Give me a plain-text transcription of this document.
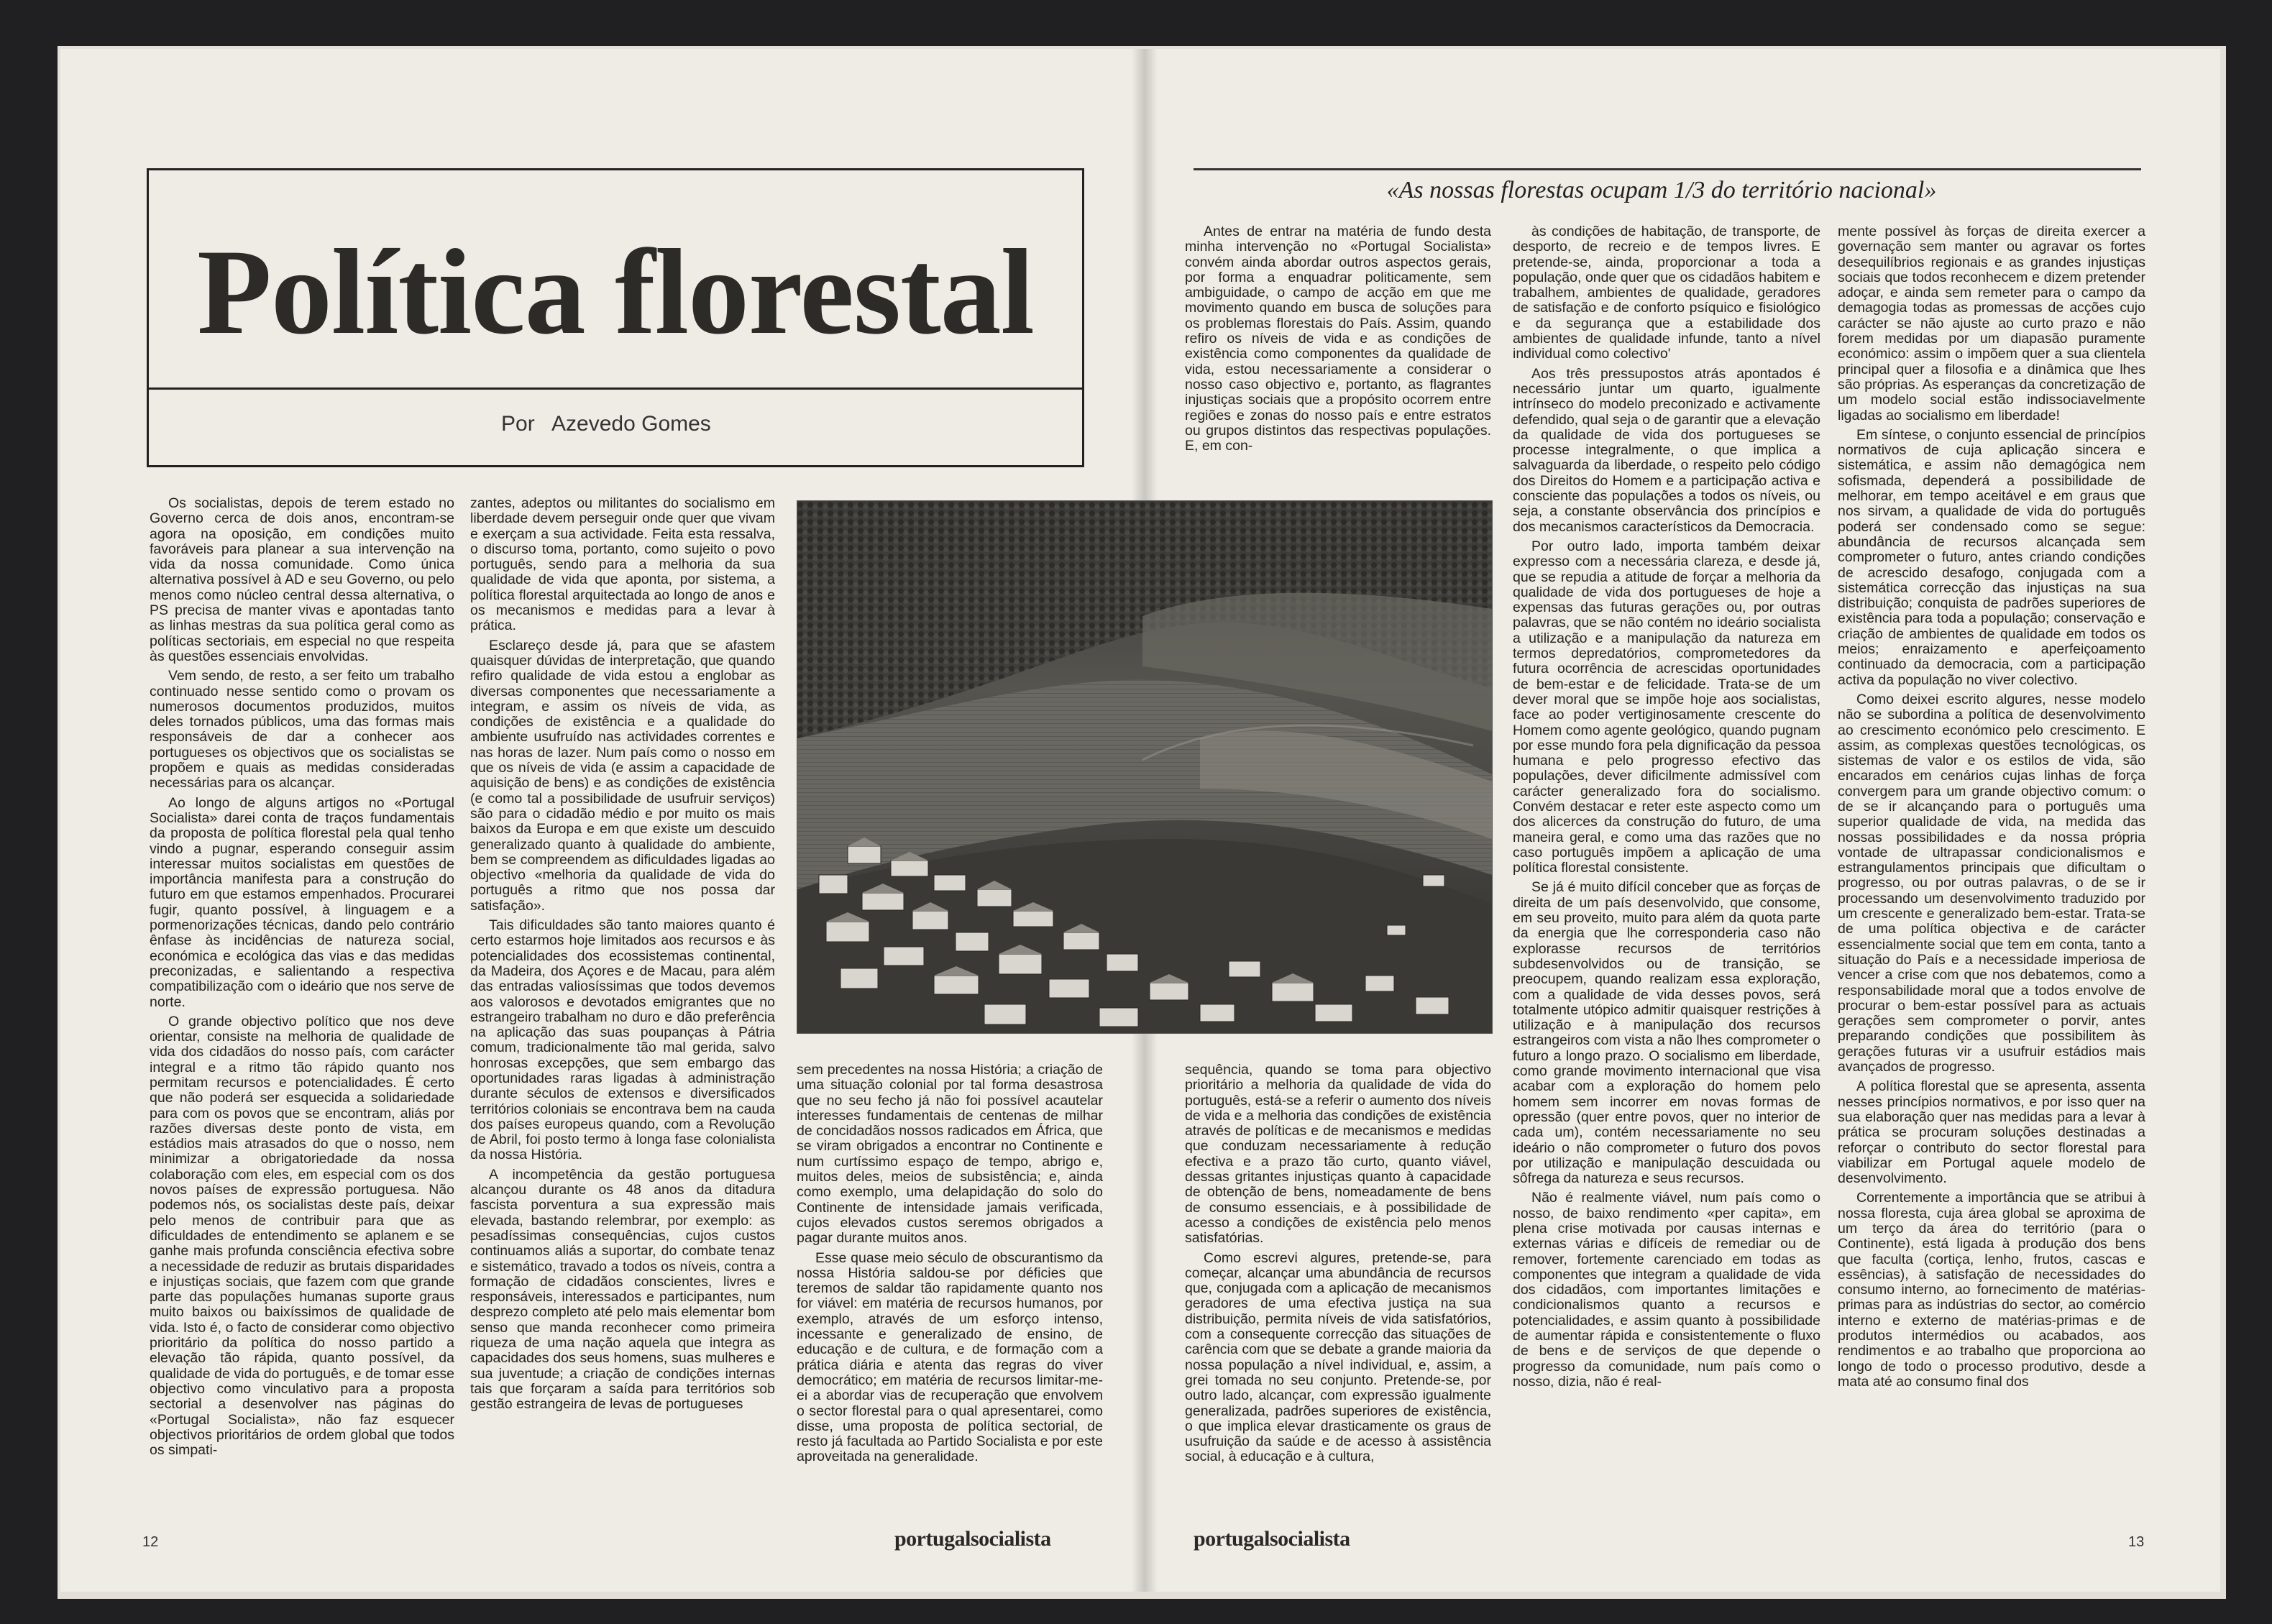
Política florestal
Por   Azevedo Gomes
«As nossas florestas ocupam 1/3 do território nacional»

Os socialistas, depois de terem estado no Governo cerca de dois anos, encontram-se agora na oposição, em condições muito favoráveis para planear a sua intervenção na vida da nossa comunidade. Como única alternativa possível à AD e seu Governo, ou pelo menos como núcleo central dessa alternativa, o PS precisa de manter vivas e apontadas tanto as linhas mestras da sua política geral como as políticas sectoriais, em especial no que respeita às questões essenciais envolvidas.

Vem sendo, de resto, a ser feito um trabalho continuado nesse sentido como o provam os numerosos documentos produzidos, muitos deles tornados públicos, uma das formas mais responsáveis de dar a conhecer aos portugueses os objectivos que os socialistas se propõem e quais as medidas consideradas necessárias para os alcançar.

Ao longo de alguns artigos no «Portugal Socialista» darei conta de traços fundamentais da proposta de política florestal pela qual tenho vindo a pugnar, esperando conseguir assim interessar muitos socialistas em questões de importância manifesta para a construção do futuro em que estamos empenhados. Procurarei fugir, quanto possível, à linguagem e a pormenorizações técnicas, dando pelo contrário ênfase às incidências de natureza social, económica e ecológica das vias e das medidas preconizadas, e salientando a respectiva compatibilização com o ideário que nos serve de norte.

O grande objectivo político que nos deve orientar, consiste na melhoria de qualidade de vida dos cidadãos do nosso país, com carácter integral e a ritmo tão rápido quanto nos permitam recursos e potencialidades. É certo que não poderá ser esquecida a solidariedade para com os povos que se encontram, aliás por razões diversas deste ponto de vista, em estádios mais atrasados do que o nosso, nem minimizar a obrigatoriedade da nossa colaboração com eles, em especial com os dos novos países de expressão portuguesa. Não podemos nós, os socialistas deste país, deixar pelo menos de contribuir para que as dificuldades de entendimento se aplanem e se ganhe mais profunda consciência efectiva sobre a necessidade de reduzir as brutais disparidades e injustiças sociais, que fazem com que grande parte das populações humanas suporte graus muito baixos ou baixíssimos de qualidade de vida. Isto é, o facto de considerar como objectivo prioritário da política do nosso partido a elevação tão rápida, quanto possível, da qualidade de vida do português, e de tomar esse objectivo como vinculativo para a proposta sectorial a desenvolver nas páginas do «Portugal Socialista», não faz esquecer objectivos prioritários de ordem global que todos os simpati-

zantes, adeptos ou militantes do socialismo em liberdade devem perseguir onde quer que vivam e exerçam a sua actividade. Feita esta ressalva, o discurso toma, portanto, como sujeito o povo português, sendo para a melhoria da sua qualidade de vida que aponta, por sistema, a política florestal arquitectada ao longo de anos e os mecanismos e medidas para a levar à prática.

Esclareço desde já, para que se afastem quaisquer dúvidas de interpretação, que quando refiro qualidade de vida estou a englobar as diversas componentes que necessariamente a integram, e assim os níveis de vida, as condições de existência e a qualidade do ambiente usufruído nas actividades correntes e nas horas de lazer. Num país como o nosso em que os níveis de vida (e assim a capacidade de aquisição de bens) e as condições de existência (e como tal a possibilidade de usufruir serviços) são para o cidadão médio e por muito os mais baixos da Europa e em que existe um descuido generalizado quanto à qualidade do ambiente, bem se compreendem as dificuldades ligadas ao objectivo «melhoria da qualidade de vida do português a ritmo que nos possa dar satisfação».

Tais dificuldades são tanto maiores quanto é certo estarmos hoje limitados aos recursos e às potencialidades dos ecossistemas continental, da Madeira, dos Açores e de Macau, para além das entradas valiosíssimas que todos devemos aos valorosos e devotados emigrantes que no estrangeiro trabalham no duro e dão preferência na aplicação das suas poupanças à Pátria comum, tradicionalmente tão mal gerida, salvo honrosas excepções, que sem embargo das oportunidades raras ligadas à administração durante séculos de extensos e diversificados territórios coloniais se encontrava bem na cauda dos países europeus quando, com a Revolução de Abril, foi posto termo à longa fase colonialista da nossa História.

A incompetência da gestão portuguesa alcançou durante os 48 anos da ditadura fascista porventura a sua expressão mais elevada, bastando relembrar, por exemplo: as pesadíssimas consequências, cujos custos continuamos aliás a suportar, do combate tenaz e sistemático, travado a todos os níveis, contra a formação de cidadãos conscientes, livres e responsáveis, interessados e participantes, num desprezo completo até pelo mais elementar bom senso que manda reconhecer como primeira riqueza de uma nação aquela que integra as capacidades dos seus homens, suas mulheres e sua juventude; a criação de condições internas tais que forçaram a saída para territórios sob gestão estrangeira de levas de portugueses

sem precedentes na nossa História; a criação de uma situação colonial por tal forma desastrosa que no seu fecho já não foi possível acautelar interesses fundamentais de centenas de milhar de concidadãos nossos radicados em África, que se viram obrigados a encontrar no Continente e num curtíssimo espaço de tempo, abrigo e, muitos deles, meios de subsistência; e, ainda como exemplo, uma delapidação do solo do Continente de intensidade jamais verificada, cujos elevados custos seremos obrigados a pagar durante muitos anos.

Esse quase meio século de obscurantismo da nossa História saldou-se por déficies que teremos de saldar tão rapidamente quanto nos for viável: em matéria de recursos humanos, por exemplo, através de um esforço intenso, incessante e generalizado de ensino, de educação e de cultura, e de formação com a prática diária e atenta das regras do viver democrático; em matéria de recursos limitar-me-ei a abordar vias de recuperação que envolvem o sector florestal para o qual apresentarei, como disse, uma proposta de política sectorial, de resto já facultada ao Partido Socialista e por este aproveitada na generalidade.

Antes de entrar na matéria de fundo desta minha intervenção no «Portugal Socialista» convém ainda abordar outros aspectos gerais, por forma a enquadrar politicamente, sem ambiguidade, o campo de acção em que me movimento quando em busca de soluções para os problemas florestais do País. Assim, quando refiro os níveis de vida e as condições de existência como componentes da qualidade de vida, estou necessariamente a considerar o nosso caso objectivo e, portanto, as flagrantes injustiças sociais que a propósito ocorrem entre regiões e zonas do nosso país e entre estratos ou grupos distintos das respectivas populações. E, em con-

sequência, quando se toma para objectivo prioritário a melhoria da qualidade de vida do português, está-se a referir o aumento dos níveis de vida e a melhoria das condições de existência através de políticas e de mecanismos e medidas que conduzam necessariamente à redução efectiva e a prazo tão curto, quanto viável, dessas gritantes injustiças quanto à capacidade de obtenção de bens, nomeadamente de bens de consumo essenciais, e à possibilidade de acesso a condições de existência pelo menos satisfatórias.

Como escrevi algures, pretende-se, para começar, alcançar uma abundância de recursos que, conjugada com a aplicação de mecanismos geradores de uma efectiva justiça na sua distribuição, permita níveis de vida satisfatórios, com a consequente correcção das situações de carência com que se debate a grande maioria da nossa população a nível individual, e, assim, a grei tomada no seu conjunto. Pretende-se, por outro lado, alcançar, com expressão igualmente generalizada, padrões superiores de existência, o que implica elevar drasticamente os graus de usufruição da saúde e de acesso à assistência social, à educação e à cultura,

às condições de habitação, de transporte, de desporto, de recreio e de tempos livres. E pretende-se, ainda, proporcionar a toda a população, onde quer que os cidadãos habitem e trabalhem, ambientes de qualidade, geradores de satisfação e de conforto psíquico e fisiológico e da segurança que a estabilidade dos ambientes de qualidade infunde, tanto a nível individual como colectivo'

Aos três pressupostos atrás apontados é necessário juntar um quarto, igualmente intrínseco do modelo preconizado e activamente defendido, qual seja o de garantir que a elevação da qualidade de vida dos portugueses se processe integralmente, o que implica a salvaguarda da liberdade, o respeito pelo código dos Direitos do Homem e a participação activa e consciente das populações a todos os níveis, ou seja, a constante observância dos princípios e dos mecanismos característicos da Democracia.

Por outro lado, importa também deixar expresso com a necessária clareza, e desde já, que se repudia a atitude de forçar a melhoria da qualidade de vida dos portugueses de hoje a expensas das futuras gerações ou, por outras palavras, que se não contém no ideário socialista a utilização e a manipulação da natureza em termos depredatórios, comprometedores da futura ocorrência de acrescidas oportunidades de bem-estar e de felicidade. Trata-se de um dever moral que se impõe hoje aos socialistas, face ao poder vertiginosamente crescente do Homem como agente geológico, quando pugnam por esse mundo fora pela dignificação da pessoa humana e pelo progresso efectivo das populações, dever dificilmente admissível com carácter generalizado fora do socialismo. Convém destacar e reter este aspecto como um dos alicerces da construção do futuro, de uma maneira geral, e como uma das razões que no caso português impõem a aplicação de uma política florestal consistente.

Se já é muito difícil conceber que as forças de direita de um país desenvolvido, que consome, em seu proveito, muito para além da quota parte da energia que lhe corresponderia caso não explorasse recursos de territórios subdesenvolvidos ou de transição, se preocupem, quando realizam essa exploração, com a qualidade de vida desses povos, será totalmente utópico admitir quaisquer restrições à utilização e à manipulação dos recursos estrangeiros com vista a não lhes comprometer o futuro a longo prazo. O socialismo em liberdade, como grande movimento internacional que visa acabar com a exploração do homem pelo homem sem incorrer em novas formas de opressão (quer entre povos, quer no interior de cada um), contém necessariamente no seu ideário o não comprometer o futuro dos povos por utilização e manipulação descuidada ou sôfrega da natureza e seus recursos.

Não é realmente viável, num país como o nosso, de baixo rendimento «per capita», em plena crise motivada por causas internas e externas várias e difíceis de remediar ou de remover, fortemente carenciado em todas as componentes que integram a qualidade de vida dos cidadãos, com importantes limitações e condicionalismos quanto a recursos e potencialidades, e assim quanto à possibilidade de aumentar rápida e consistentemente o fluxo de bens e de serviços de que depende o progresso da comunidade, num país como o nosso, dizia, não é real-

mente possível às forças de direita exercer a governação sem manter ou agravar os fortes desequilíbrios regionais e as grandes injustiças sociais que todos reconhecem e dizem pretender adoçar, e ainda sem remeter para o campo da demagogia todas as promessas de acções cujo carácter se não ajuste ao curto prazo e não forem medidas por um diapasão puramente económico: assim o impõem quer a sua clientela principal quer a filosofia e a dinâmica que lhes são próprias. As esperanças da concretização de um modelo social estão indissociavelmente ligadas ao socialismo em liberdade!

Em síntese, o conjunto essencial de princípios normativos de cuja aplicação sincera e sistemática, e assim não demagógica nem sofismada, dependerá a possibilidade de melhorar, em tempo aceitável e em graus que nos sirvam, a qualidade de vida do português poderá ser condensado como se segue: abundância de recursos alcançada sem comprometer o futuro, antes criando condições de acrescido desafogo, conjugada com a sistemática correcção das injustiças na sua distribuição; conquista de padrões superiores de existência para toda a população; conservação e criação de ambientes de qualidade em todos os meios; enraizamento e aperfeiçoamento continuado da democracia, com a participação activa da população no viver colectivo.

Como deixei escrito algures, nesse modelo não se subordina a política de desenvolvimento ao crescimento económico pelo crescimento. E assim, as complexas questões tecnológicas, os sistemas de valor e os estilos de vida, são encarados em cenários cujas linhas de força convergem para um grande objectivo comum: o de se ir alcançando para o português uma superior qualidade de vida, na medida das nossas possibilidades e da nossa própria vontade de ultrapassar condicionalismos e estrangulamentos principais que dificultam o progresso, ou por outras palavras, o de se ir processando um desenvolvimento traduzido por um crescente e generalizado bem-estar. Trata-se de uma política objectiva e de carácter essencialmente social que tem em conta, tanto a situação do País e a necessidade imperiosa de vencer a crise com que nos debatemos, como a responsabilidade moral que a todos envolve de procurar o bem-estar possível para as actuais gerações sem comprometer o porvir, antes preparando condições que possibilitem às gerações futuras vir a usufruir estádios mais avançados de progresso.

A política florestal que se apresenta, assenta nesses princípios normativos, e por isso quer na sua elaboração quer nas medidas para a levar à prática se procuram soluções destinadas a reforçar o contributo do sector florestal para viabilizar em Portugal aquele modelo de desenvolvimento.

Correntemente a importância que se atribui à nossa floresta, cuja área global se aproxima de um terço da área do território (para o Continente), está ligada à produção dos bens que faculta (cortiça, lenho, frutos, cascas e essências), à satisfação de necessidades do consumo interno, ao fornecimento de matérias-primas para as indústrias do sector, ao comércio interno e externo de matérias-primas e de produtos intermédios ou acabados, aos rendimentos e ao trabalho que proporciona ao longo de todo o processo produtivo, desde a mata até ao consumo final dos

12	portugalsocialista	portugalsocialista	13
